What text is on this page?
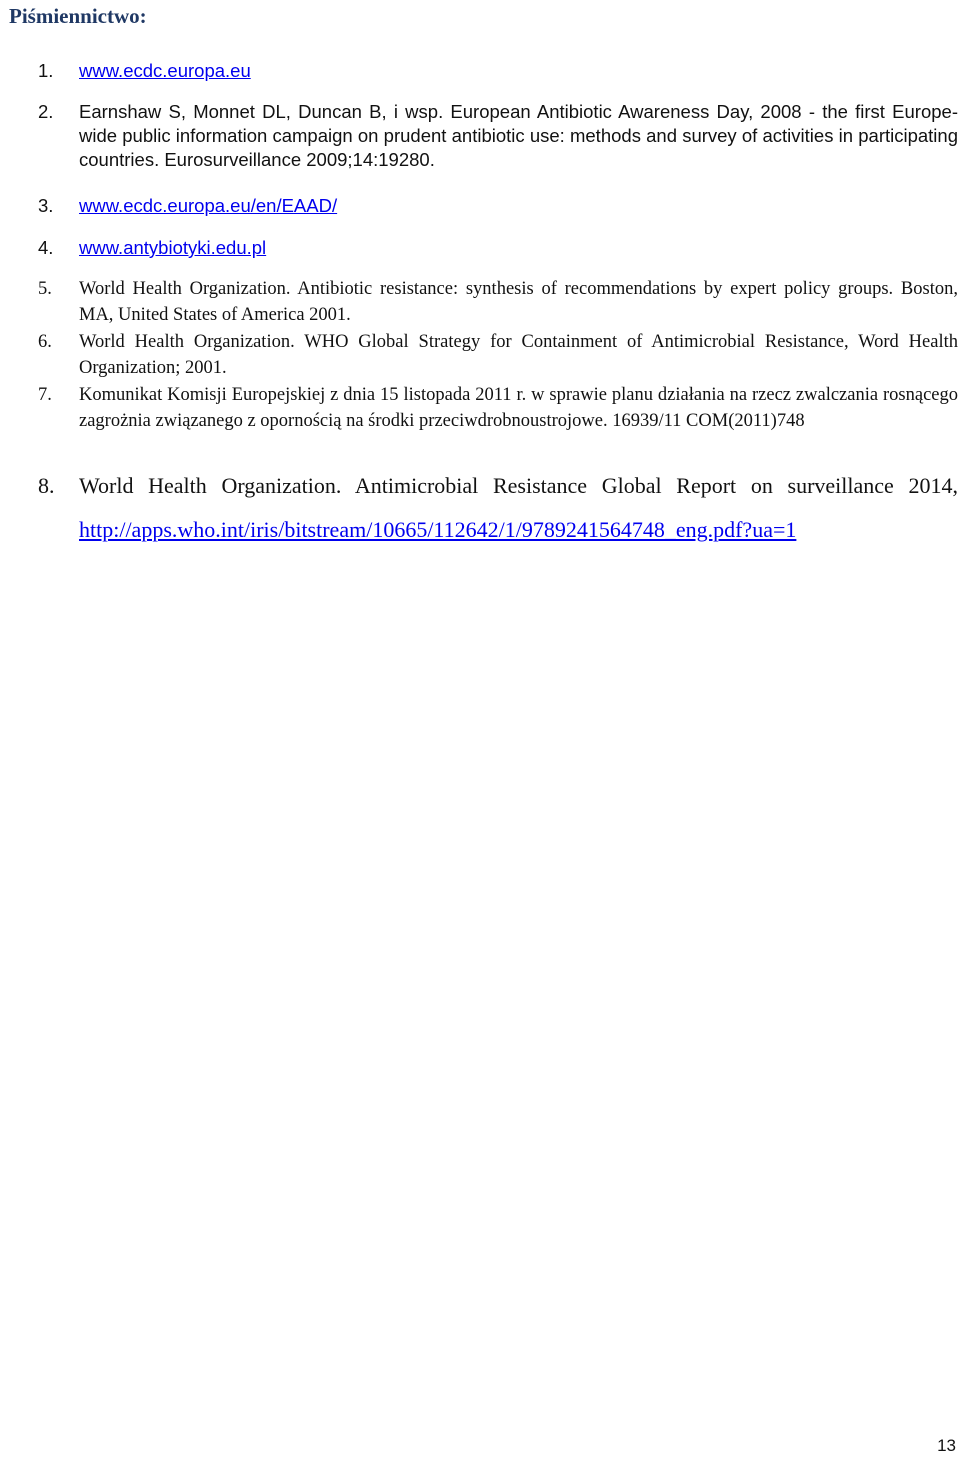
Piśmiennictwo:
1. www.ecdc.europa.eu
2. Earnshaw S, Monnet DL, Duncan B, i wsp. European Antibiotic Awareness Day, 2008 - the first Europe-wide public information campaign on prudent antibiotic use: methods and survey of activities in participating countries. Eurosurveillance 2009;14:19280.
3. www.ecdc.europa.eu/en/EAAD/
4. www.antybiotyki.edu.pl
5. World Health Organization. Antibiotic resistance: synthesis of recommendations by expert policy groups. Boston, MA, United States of America 2001.
6. World Health Organization. WHO Global Strategy for Containment of Antimicrobial Resistance, Word Health Organization; 2001.
7. Komunikat Komisji Europejskiej z dnia 15 listopada 2011 r. w sprawie planu działania na rzecz zwalczania rosnącego zagrożnia związanego z opornością na środki przeciwdrobnoustrojowe. 16939/11 COM(2011)748
8. World Health Organization. Antimicrobial Resistance Global Report on surveillance 2014, http://apps.who.int/iris/bitstream/10665/112642/1/9789241564748_eng.pdf?ua=1
13
